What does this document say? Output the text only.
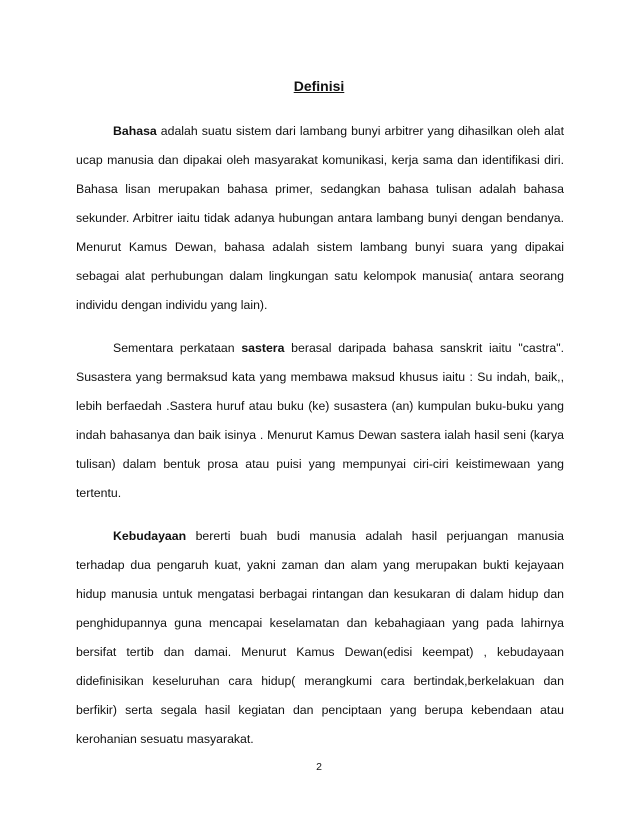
Definisi
Bahasa adalah suatu sistem dari lambang bunyi arbitrer yang dihasilkan oleh alat
ucap manusia dan dipakai oleh masyarakat komunikasi, kerja sama dan identifikasi diri.
Bahasa lisan merupakan bahasa primer, sedangkan bahasa tulisan adalah bahasa
sekunder. Arbitrer iaitu tidak adanya hubungan antara lambang bunyi dengan bendanya.
Menurut Kamus Dewan, bahasa adalah sistem lambang bunyi suara yang dipakai
sebagai alat perhubungan dalam lingkungan satu kelompok manusia( antara seorang
individu dengan individu yang lain).
Sementara perkataan sastera berasal daripada bahasa sanskrit iaitu "castra".
Susastera yang bermaksud kata yang membawa maksud khusus iaitu : Su indah, baik,,
lebih berfaedah .Sastera huruf atau buku (ke) susastera (an) kumpulan buku-buku yang
indah bahasanya dan baik isinya . Menurut Kamus Dewan sastera ialah hasil seni (karya
tulisan) dalam bentuk prosa atau puisi yang mempunyai ciri-ciri keistimewaan yang
tertentu.
Kebudayaan bererti buah budi manusia adalah hasil perjuangan manusia
terhadap dua pengaruh kuat, yakni zaman dan alam yang merupakan bukti kejayaan
hidup manusia untuk mengatasi berbagai rintangan dan kesukaran di dalam hidup dan
penghidupannya guna mencapai keselamatan dan kebahagiaan yang pada lahirnya
bersifat tertib dan damai. Menurut Kamus Dewan(edisi keempat) , kebudayaan
didefinisikan keseluruhan cara hidup( merangkumi cara bertindak,berkelakuan dan
berfikir) serta segala hasil kegiatan dan penciptaan yang berupa kebendaan atau
kerohanian sesuatu masyarakat.
2
